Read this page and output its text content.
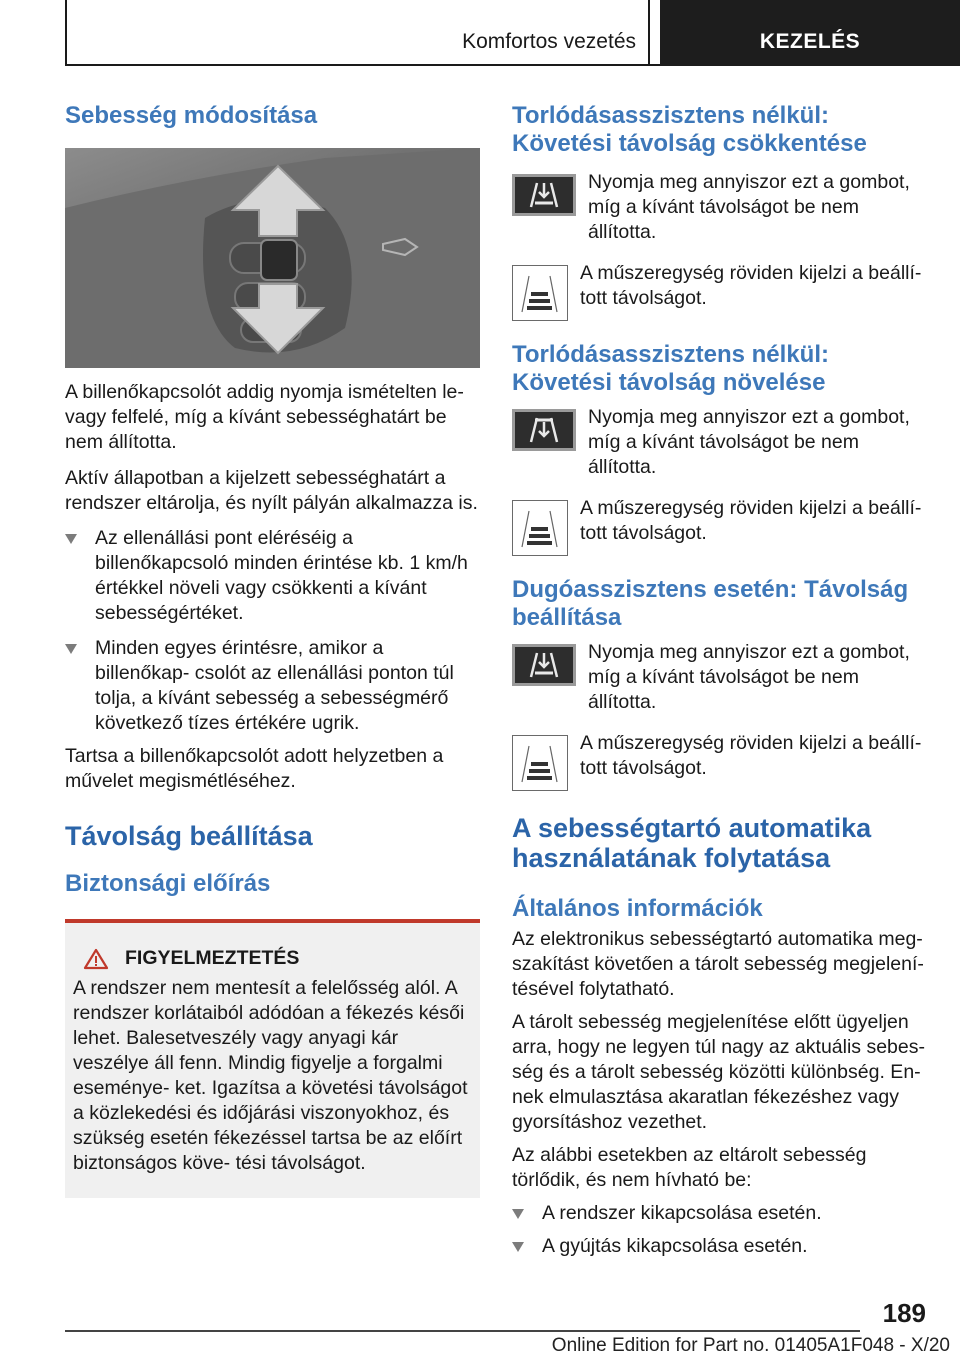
Komfortos vezetés	KEZELÉS
Sebesség módosítása

A billenőkapcsolót addig nyomja ismételten le- vagy felfelé, míg a kívánt sebességhatárt be nem állította.

Aktív állapotban a kijelzett sebességhatárt a rendszer eltárolja, és nyílt pályán alkalmazza is.

Az ellenállási pont eléréséig a billenőkapcsoló minden érintése kb. 1 km/h értékkel növeli vagy csökkenti a kívánt sebességértéket.
Minden egyes érintésre, amikor a billenőkap- csolót az ellenállási ponton túl tolja, a kívánt sebesség a sebességmérő következő tízes értékére ugrik.

Tartsa a billenőkapcsolót adott helyzetben a művelet megismétléséhez.

Távolság beállítása
Biztonsági előírás
FIGYELMEZTETÉS

A rendszer nem mentesít a felelősség alól. A rendszer korlátaiból adódóan a fékezés késői lehet. Balesetveszély vagy anyagi kár veszélye áll fenn. Mindig figyelje a forgalmi eseménye- ket. Igazítsa a követési távolságot a közlekedési és időjárási viszonyokhoz, és szükség esetén fékezéssel tartsa be az előírt biztonságos köve- tési távolságot.

Torlódásasszisztens nélkül: Követési távolság csökkentése

Nyomja meg annyiszor ezt a gombot, míg a kívánt távolságot be nem állította.

A műszeregység röviden kijelzi a beállí- tott távolságot.

Torlódásasszisztens nélkül: Követési távolság növelése

Nyomja meg annyiszor ezt a gombot, míg a kívánt távolságot be nem állította.

A műszeregység röviden kijelzi a beállí- tott távolságot.

Dugóasszisztens esetén: Távolság beállítása

Nyomja meg annyiszor ezt a gombot, míg a kívánt távolságot be nem állította.

A műszeregység röviden kijelzi a beállí- tott távolságot.

A sebességtartó automatika használatának folytatása
Általános információk

Az elektronikus sebességtartó automatika meg- szakítást követően a tárolt sebesség megjelení- tésével folytatható.

A tárolt sebesség megjelenítése előtt ügyeljen arra, hogy ne legyen túl nagy az aktuális sebes- ség és a tárolt sebesség közötti különbség. En- nek elmulasztása akaratlan fékezéshez vagy gyorsításhoz vezethet.

Az alábbi esetekben az eltárolt sebesség törlődik, és nem hívható be:

A rendszer kikapcsolása esetén.
A gyújtás kikapcsolása esetén.
189
Online Edition for Part no. 01405A1F048 - X/20
